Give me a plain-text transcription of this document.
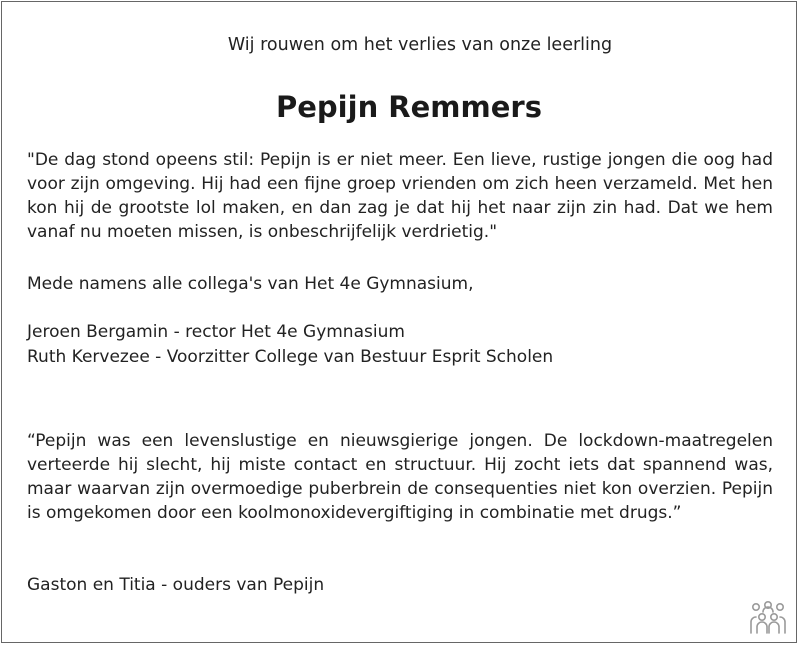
Wij rouwen om het verlies van onze leerling
Pepijn Remmers

"De dag stond opeens stil: Pepijn is er niet meer. Een lieve, rustige jongen die oog had voor zijn omgeving. Hij had een fijne groep vrienden om zich heen verzameld. Met hen kon hij de grootste lol maken, en dan zag je dat hij het naar zijn zin had. Dat we hem vanaf nu moeten missen, is onbeschrijfelijk verdrietig."

Mede namens alle collega's van Het 4e Gymnasium,

Jeroen Bergamin - rector Het 4e Gymnasium

Ruth Kervezee - Voorzitter College van Bestuur Esprit Scholen

“Pepijn was een levenslustige en nieuwsgierige jongen. De lockdown-maatregelen verteerde hij slecht, hij miste contact en structuur. Hij zocht iets dat spannend was, maar waarvan zijn overmoedige puberbrein de consequenties niet kon overzien. Pepijn is omgekomen door een koolmonoxidevergiftiging in combinatie met drugs.”

Gaston en Titia - ouders van Pepijn
